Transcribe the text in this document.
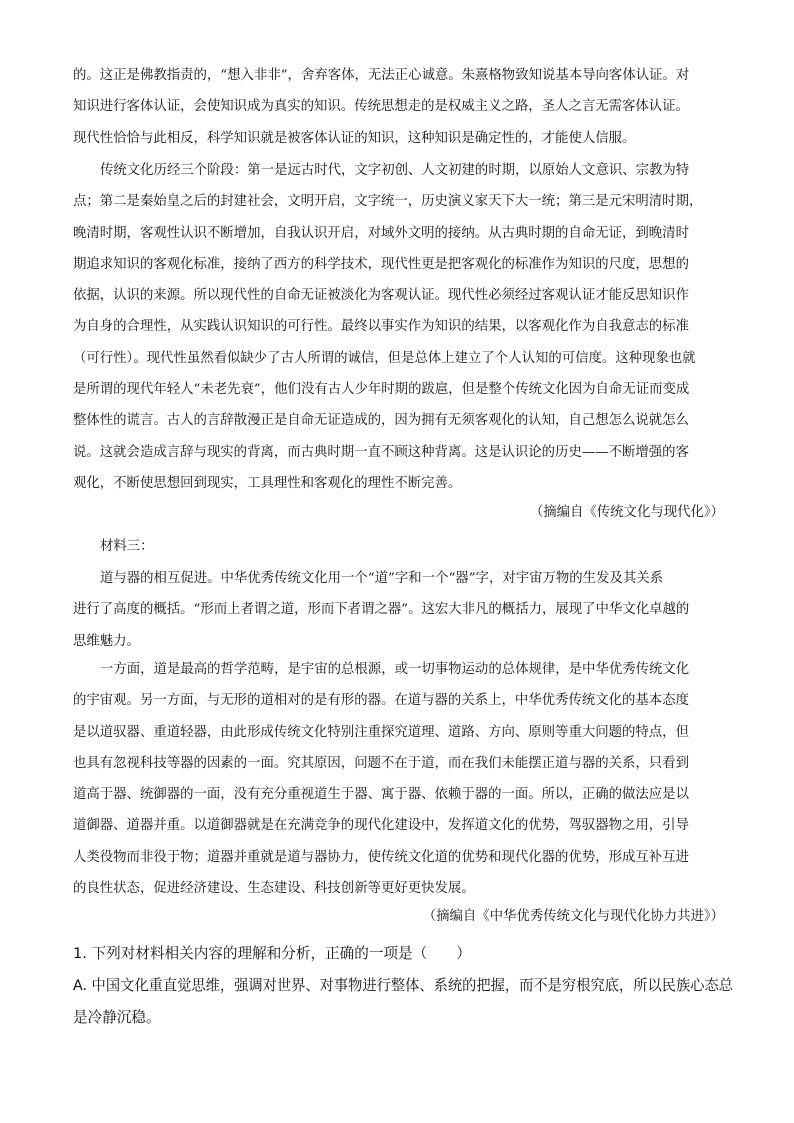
的。这正是佛教指责的，“想入非非”，舍弃客体，无法正心诚意。朱熹格物致知说基本导向客体认证。对
知识进行客体认证，会使知识成为真实的知识。传统思想走的是权威主义之路，圣人之言无需客体认证。
现代性恰恰与此相反，科学知识就是被客体认证的知识，这种知识是确定性的，才能使人信服。
传统文化历经三个阶段：第一是远古时代，文字初创、人文初建的时期，以原始人文意识、宗教为特
点；第二是秦始皇之后的封建社会，文明开启，文字统一，历史演义家天下大一统；第三是元宋明清时期，
晚清时期，客观性认识不断增加，自我认识开启，对域外文明的接纳。从古典时期的自命无证，到晚清时
期追求知识的客观化标准，接纳了西方的科学技术，现代性更是把客观化的标准作为知识的尺度，思想的
依据，认识的来源。所以现代性的自命无证被淡化为客观认证。现代性必须经过客观认证才能反思知识作
为自身的合理性，从实践认识知识的可行性。最终以事实作为知识的结果，以客观化作为自我意志的标准
（可行性）。现代性虽然看似缺少了古人所谓的诚信，但是总体上建立了个人认知的可信度。这种现象也就
是所谓的现代年轻人“未老先衰”，他们没有古人少年时期的跋扈，但是整个传统文化因为自命无证而变成
整体性的谎言。古人的言辞散漫正是自命无证造成的，因为拥有无须客观化的认知，自己想怎么说就怎么
说。这就会造成言辞与现实的背离，而古典时期一直不顾这种背离。这是认识论的历史——不断增强的客
观化，不断使思想回到现实，工具理性和客观化的理性不断完善。
（摘编自《传统文化与现代化》）
材料三：
道与器的相互促进。中华优秀传统文化用一个“道”字和一个“器”字，对宇宙万物的生发及其关系
进行了高度的概括。“形而上者谓之道，形而下者谓之器”。这宏大非凡的概括力，展现了中华文化卓越的
思维魅力。
一方面，道是最高的哲学范畴，是宇宙的总根源，或一切事物运动的总体规律，是中华优秀传统文化
的宇宙观。另一方面，与无形的道相对的是有形的器。在道与器的关系上，中华优秀传统文化的基本态度
是以道驭器、重道轻器，由此形成传统文化特别注重探究道理、道路、方向、原则等重大问题的特点，但
也具有忽视科技等器的因素的一面。究其原因，问题不在于道，而在我们未能摆正道与器的关系，只看到
道高于器、统御器的一面，没有充分重视道生于器、寓于器、依赖于器的一面。所以，正确的做法应是以
道御器、道器并重。以道御器就是在充满竞争的现代化建设中，发挥道文化的优势，驾驭器物之用，引导
人类役物而非役于物；道器并重就是道与器协力，使传统文化道的优势和现代化器的优势，形成互补互进
的良性状态，促进经济建设、生态建设、科技创新等更好更快发展。
（摘编自《中华优秀传统文化与现代化协力共进》）
1. 下列对材料相关内容的理解和分析，正确的一项是（　　）
A. 中国文化重直觉思维，强调对世界、对事物进行整体、系统的把握，而不是穷根究底，所以民族心态总
是冷静沉稳。
